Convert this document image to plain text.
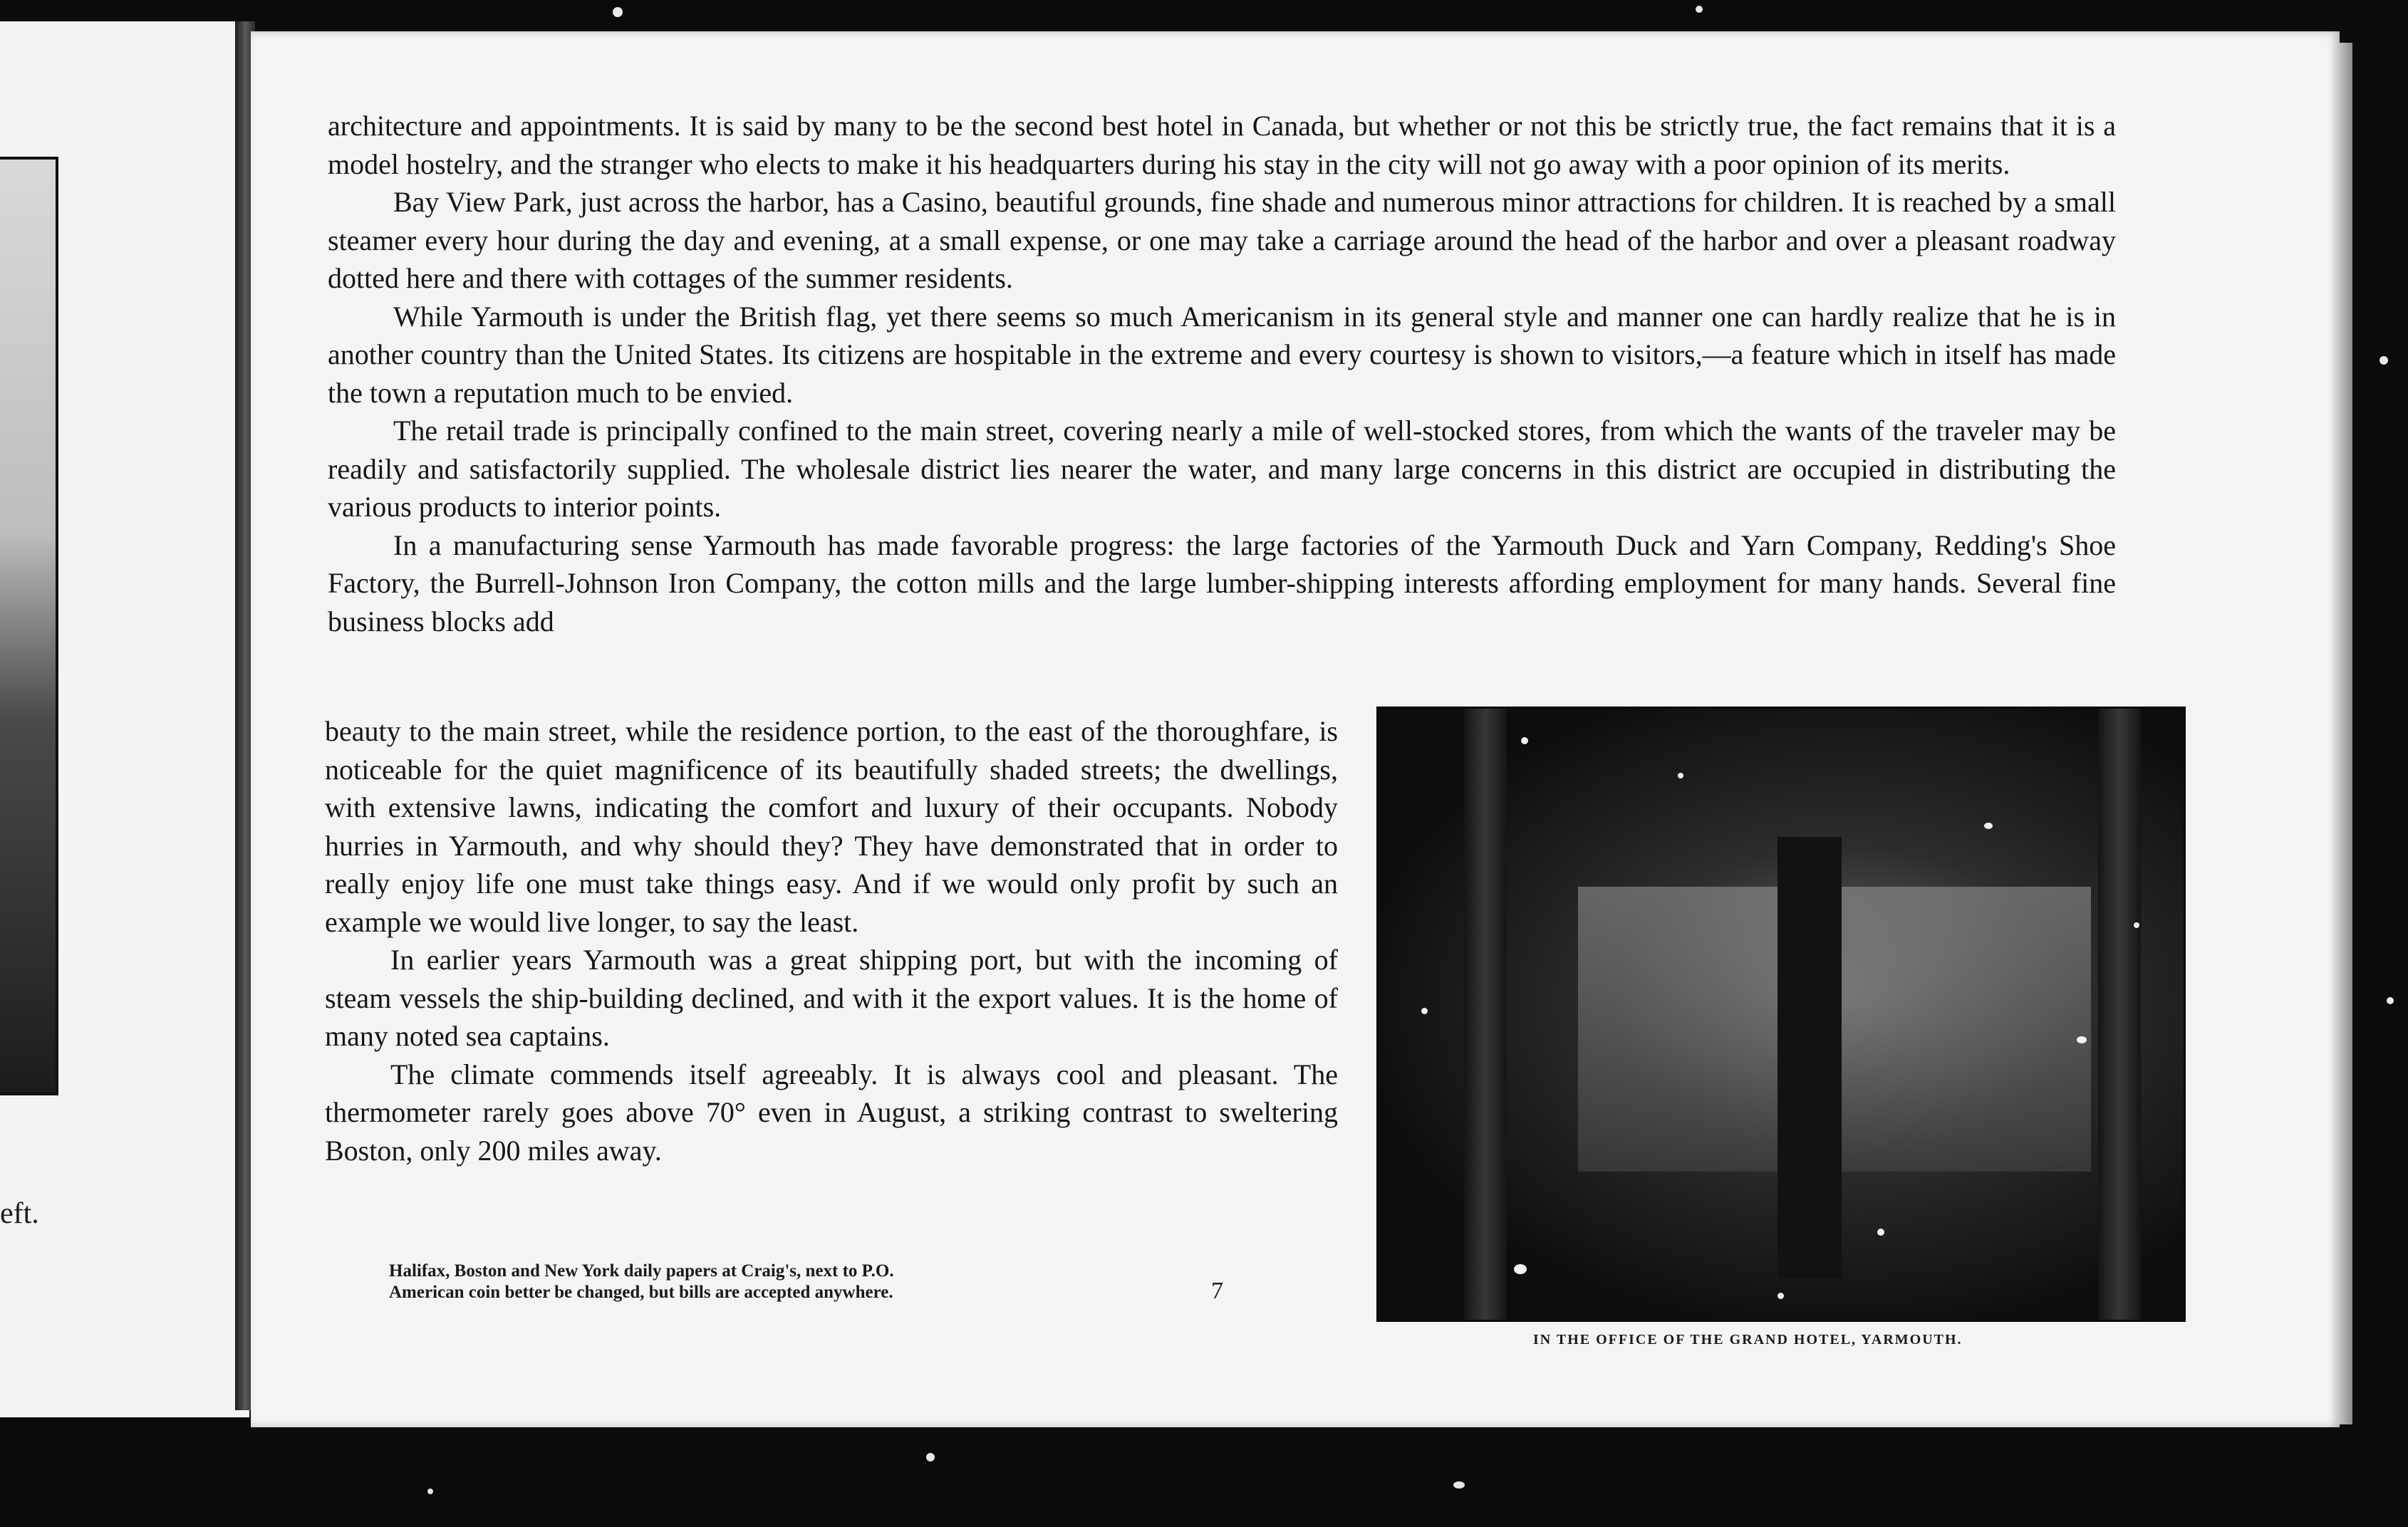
eft.

architecture and appointments. It is said by many to be the second best hotel in Canada, but whether or not this be strictly true, the fact remains that it is a model hostelry, and the stranger who elects to make it his headquarters during his stay in the city will not go away with a poor opinion of its merits.

Bay View Park, just across the harbor, has a Casino, beautiful grounds, fine shade and numerous minor attractions for children. It is reached by a small steamer every hour during the day and evening, at a small expense, or one may take a carriage around the head of the harbor and over a pleasant roadway dotted here and there with cottages of the summer residents.

While Yarmouth is under the British flag, yet there seems so much Americanism in its general style and manner one can hardly realize that he is in another country than the United States. Its citizens are hospitable in the extreme and every courtesy is shown to visitors,—a feature which in itself has made the town a reputation much to be envied.

The retail trade is principally confined to the main street, covering nearly a mile of well-stocked stores, from which the wants of the traveler may be readily and satisfactorily supplied. The wholesale district lies nearer the water, and many large concerns in this district are occupied in distributing the various products to interior points.

In a manufacturing sense Yarmouth has made favorable progress: the large factories of the Yarmouth Duck and Yarn Company, Redding's Shoe Factory, the Burrell-Johnson Iron Company, the cotton mills and the large lumber-shipping interests affording employment for many hands. Several fine business blocks add

beauty to the main street, while the residence portion, to the east of the thoroughfare, is noticeable for the quiet magnificence of its beautifully shaded streets; the dwellings, with extensive lawns, indicating the comfort and luxury of their occupants. Nobody hurries in Yarmouth, and why should they? They have demonstrated that in order to really enjoy life one must take things easy. And if we would only profit by such an example we would live longer, to say the least.

In earlier years Yarmouth was a great shipping port, but with the incoming of steam vessels the ship-building declined, and with it the export values. It is the home of many noted sea captains.

The climate commends itself agreeably. It is always cool and pleasant. The thermometer rarely goes above 70° even in August, a striking contrast to sweltering Boston, only 200 miles away.

Halifax, Boston and New York daily papers at Craig's, next to P.O.
American coin better be changed, but bills are accepted anywhere.	7
IN THE OFFICE OF THE GRAND HOTEL, YARMOUTH.
